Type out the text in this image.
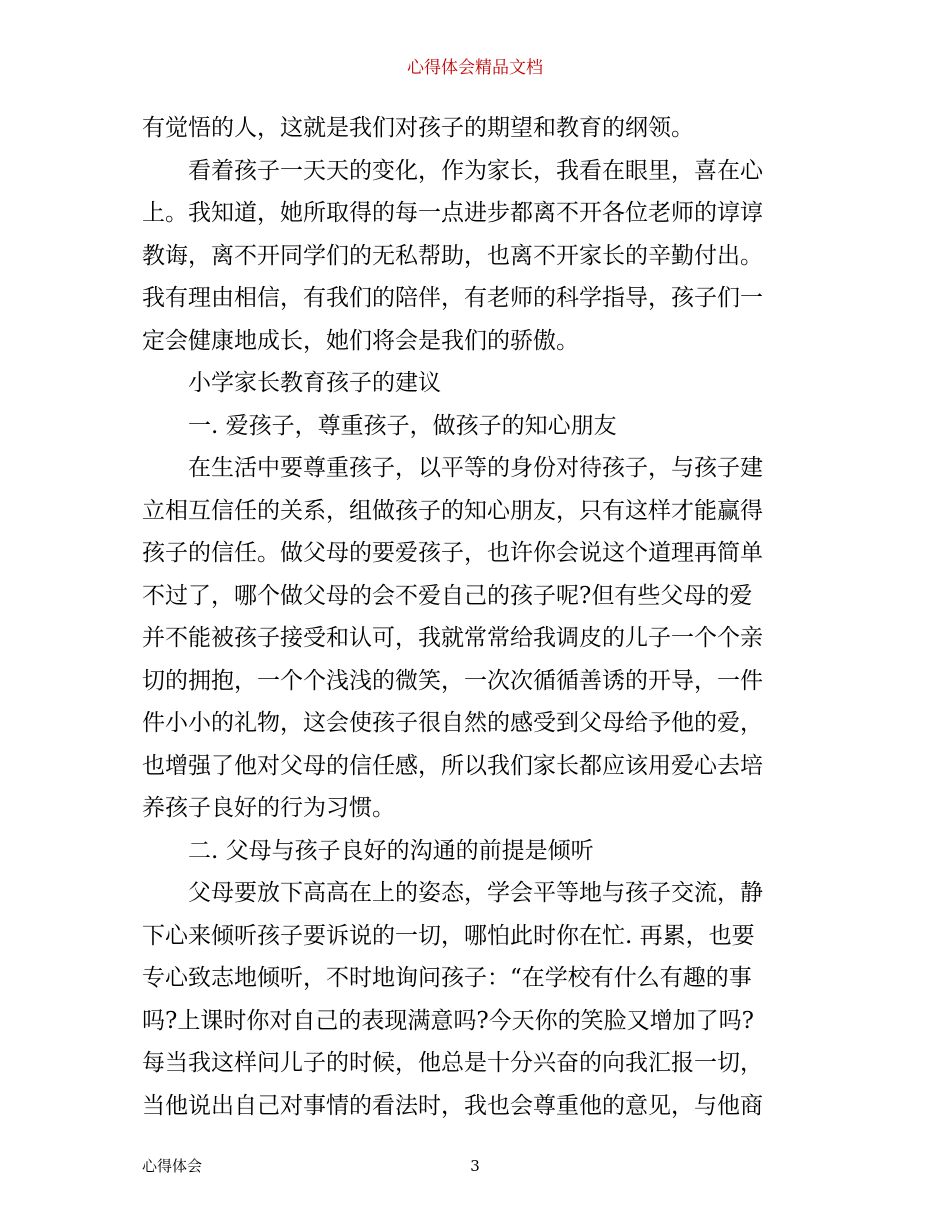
心得体会精品文档
有觉悟的人，这就是我们对孩子的期望和教育的纲领。
看着孩子一天天的变化，作为家长，我看在眼里，喜在心
上。我知道，她所取得的每一点进步都离不开各位老师的谆谆
教诲，离不开同学们的无私帮助，也离不开家长的辛勤付出。
我有理由相信，有我们的陪伴，有老师的科学指导，孩子们一
定会健康地成长，她们将会是我们的骄傲。
小学家长教育孩子的建议
一. 爱孩子，尊重孩子，做孩子的知心朋友
在生活中要尊重孩子，以平等的身份对待孩子，与孩子建
立相互信任的关系，组做孩子的知心朋友，只有这样才能赢得
孩子的信任。做父母的要爱孩子，也许你会说这个道理再简单
不过了，哪个做父母的会不爱自己的孩子呢?但有些父母的爱
并不能被孩子接受和认可，我就常常给我调皮的儿子一个个亲
切的拥抱，一个个浅浅的微笑，一次次循循善诱的开导，一件
件小小的礼物，这会使孩子很自然的感受到父母给予他的爱，
也增强了他对父母的信任感，所以我们家长都应该用爱心去培
养孩子良好的行为习惯。
二. 父母与孩子良好的沟通的前提是倾听
父母要放下高高在上的姿态，学会平等地与孩子交流，静
下心来倾听孩子要诉说的一切，哪怕此时你在忙. 再累，也要
专心致志地倾听，不时地询问孩子：“在学校有什么有趣的事
吗?上课时你对自己的表现满意吗?今天你的笑脸又增加了吗?
每当我这样问儿子的时候，他总是十分兴奋的向我汇报一切，
当他说出自己对事情的看法时，我也会尊重他的意见，与他商
心得体会	3
